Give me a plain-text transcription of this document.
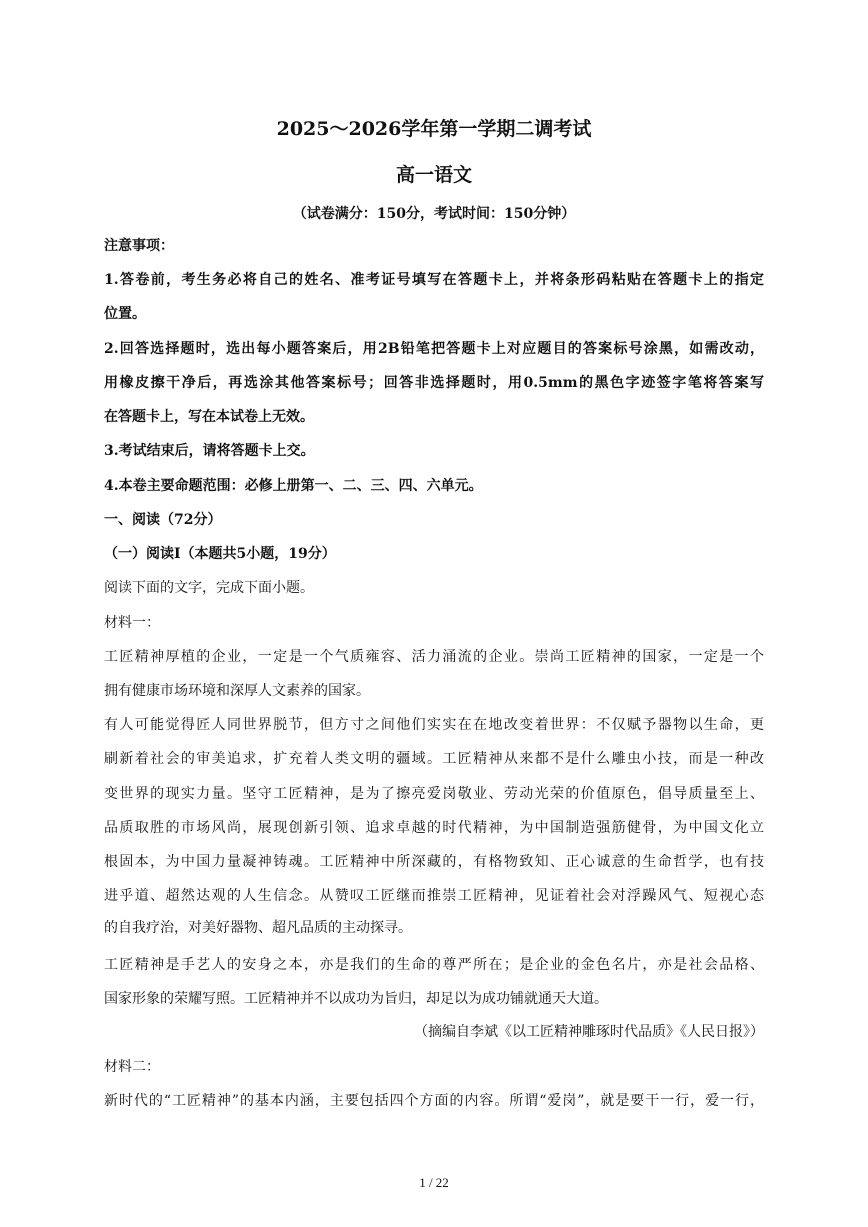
2025～2026学年第一学期二调考试
高一语文
（试卷满分：150分，考试时间：150分钟）
注意事项：
1.答卷前，考生务必将自己的姓名、准考证号填写在答题卡上，并将条形码粘贴在答题卡上的指定
位置。
2.回答选择题时，选出每小题答案后，用2B铅笔把答题卡上对应题目的答案标号涂黑，如需改动，
用橡皮擦干净后，再选涂其他答案标号；回答非选择题时，用0.5mm的黑色字迹签字笔将答案写
在答题卡上，写在本试卷上无效。
3.考试结束后，请将答题卡上交。
4.本卷主要命题范围：必修上册第一、二、三、四、六单元。
一、阅读（72分）
（一）阅读I（本题共5小题，19分）
阅读下面的文字，完成下面小题。
材料一：
工匠精神厚植的企业，一定是一个气质雍容、活力涌流的企业。崇尚工匠精神的国家，一定是一个
拥有健康市场环境和深厚人文素养的国家。
有人可能觉得匠人同世界脱节，但方寸之间他们实实在在地改变着世界：不仅赋予器物以生命，更
刷新着社会的审美追求，扩充着人类文明的疆域。工匠精神从来都不是什么雕虫小技，而是一种改
变世界的现实力量。坚守工匠精神，是为了擦亮爱岗敬业、劳动光荣的价值原色，倡导质量至上、
品质取胜的市场风尚，展现创新引领、追求卓越的时代精神，为中国制造强筋健骨，为中国文化立
根固本，为中国力量凝神铸魂。工匠精神中所深藏的，有格物致知、正心诚意的生命哲学，也有技
进乎道、超然达观的人生信念。从赞叹工匠继而推崇工匠精神，见证着社会对浮躁风气、短视心态
的自我疗治，对美好器物、超凡品质的主动探寻。
工匠精神是手艺人的安身之本，亦是我们的生命的尊严所在；是企业的金色名片，亦是社会品格、
国家形象的荣耀写照。工匠精神并不以成功为旨归，却足以为成功铺就通天大道。
（摘编自李斌《以工匠精神雕琢时代品质》《人民日报》）
材料二：
新时代的“工匠精神”的基本内涵，主要包括四个方面的内容。所谓“爱岗”，就是要干一行，爱一行，
1 / 22
